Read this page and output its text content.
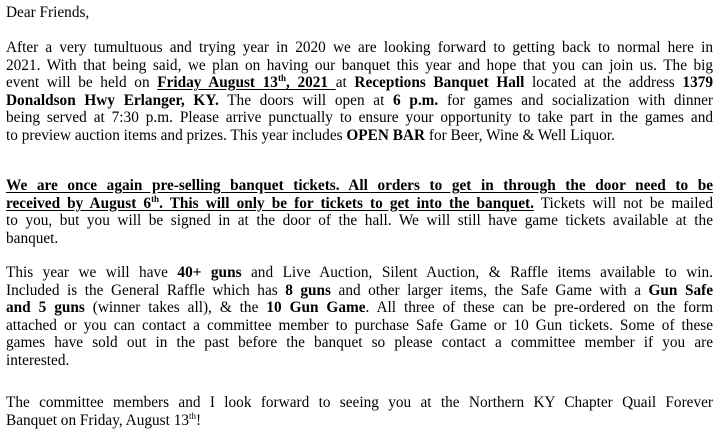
Dear Friends,

After a very tumultuous and trying year in 2020 we are looking forward to getting back to normal here in
2021. With that being said, we plan on having our banquet this year and hope that you can join us. The big
event will be held on Friday August 13th, 2021 at Receptions Banquet Hall located at the address 1379
Donaldson Hwy Erlanger, KY. The doors will open at 6 p.m. for games and socialization with dinner
being served at 7:30 p.m. Please arrive punctually to ensure your opportunity to take part in the games and
to preview auction items and prizes. This year includes OPEN BAR for Beer, Wine & Well Liquor.

We are once again pre-selling banquet tickets. All orders to get in through the door need to be
received by August 6th. This will only be for tickets to get into the banquet. Tickets will not be mailed
to you, but you will be signed in at the door of the hall. We will still have game tickets available at the
banquet.

This year we will have 40+ guns and Live Auction, Silent Auction, & Raffle items available to win.
Included is the General Raffle which has 8 guns and other larger items, the Safe Game with a Gun Safe
and 5 guns (winner takes all), & the 10 Gun Game. All three of these can be pre-ordered on the form
attached or you can contact a committee member to purchase Safe Game or 10 Gun tickets. Some of these
games have sold out in the past before the banquet so please contact a committee member if you are
interested.

The committee members and I look forward to seeing you at the Northern KY Chapter Quail Forever
Banquet on Friday, August 13th!
